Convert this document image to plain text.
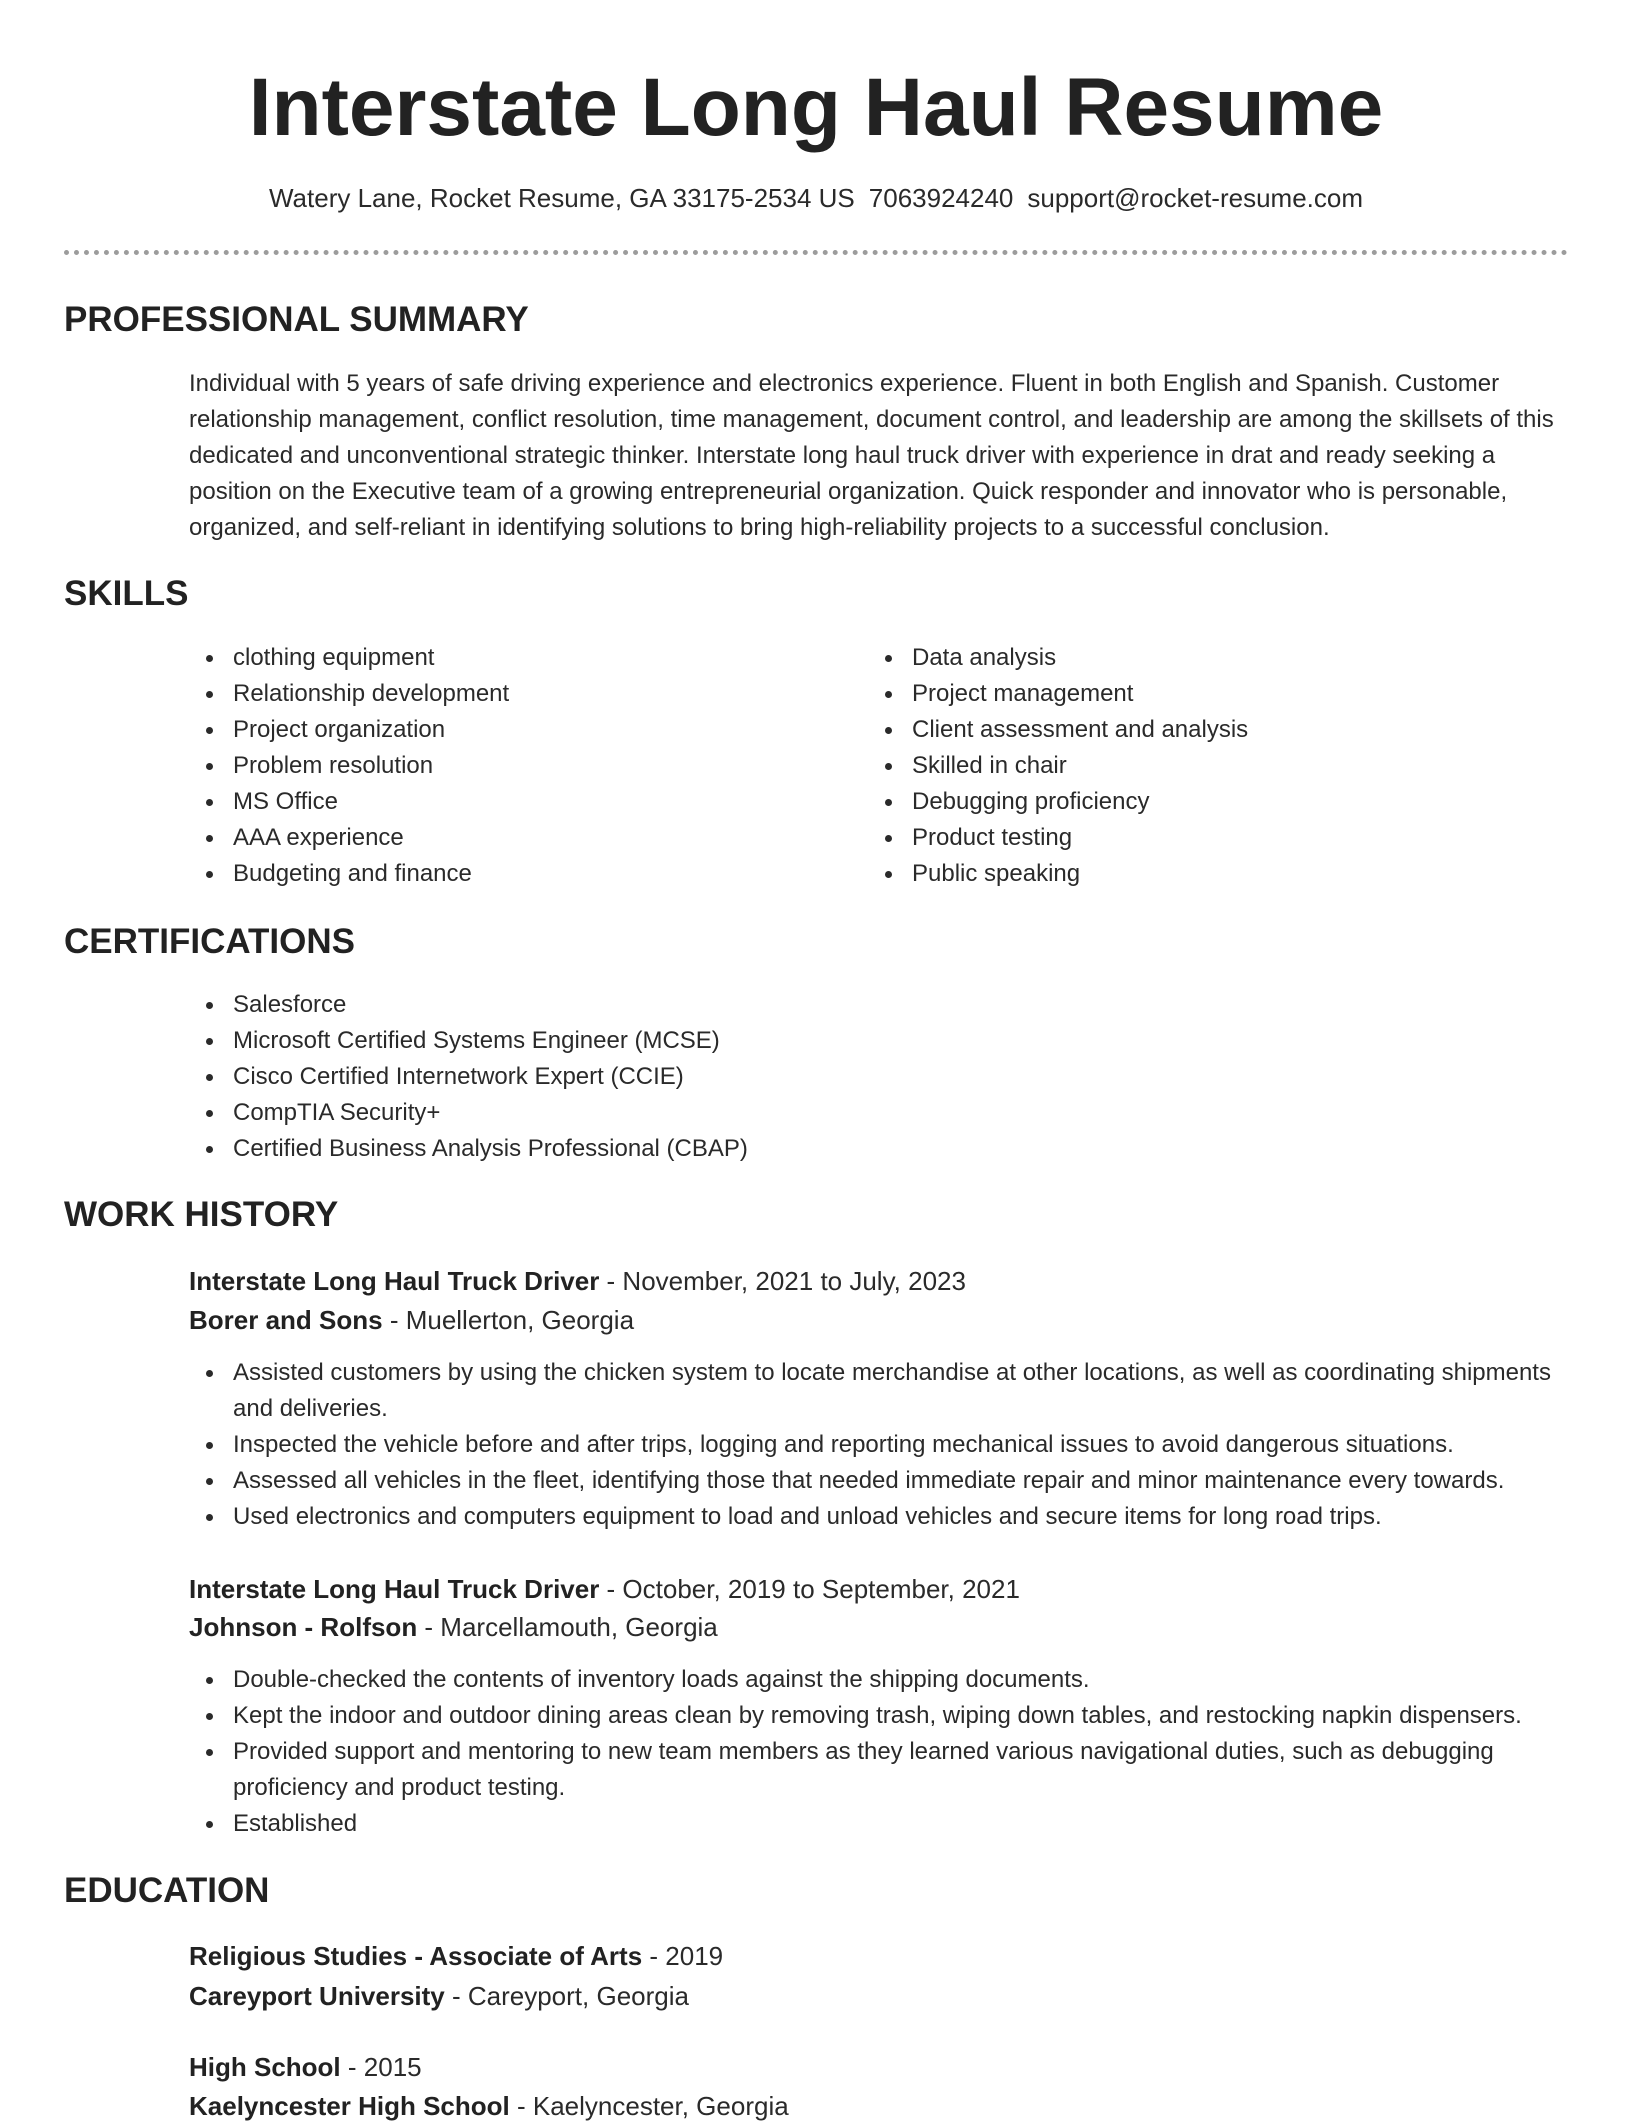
Interstate Long Haul Resume
Watery Lane, Rocket Resume, GA 33175-2534 US 7063924240 support@rocket-resume.com
PROFESSIONAL SUMMARY
Individual with 5 years of safe driving experience and electronics experience. Fluent in both English and Spanish. Customer relationship management, conflict resolution, time management, document control, and leadership are among the skillsets of this dedicated and unconventional strategic thinker. Interstate long haul truck driver with experience in drat and ready seeking a position on the Executive team of a growing entrepreneurial organization. Quick responder and innovator who is personable, organized, and self-reliant in identifying solutions to bring high-reliability projects to a successful conclusion.
SKILLS
clothing equipment
Relationship development
Project organization
Problem resolution
MS Office
AAA experience
Budgeting and finance
Data analysis
Project management
Client assessment and analysis
Skilled in chair
Debugging proficiency
Product testing
Public speaking
CERTIFICATIONS
Salesforce
Microsoft Certified Systems Engineer (MCSE)
Cisco Certified Internetwork Expert (CCIE)
CompTIA Security+
Certified Business Analysis Professional (CBAP)
WORK HISTORY
Interstate Long Haul Truck Driver - November, 2021 to July, 2023
Borer and Sons - Muellerton, Georgia
Assisted customers by using the chicken system to locate merchandise at other locations, as well as coordinating shipments and deliveries.
Inspected the vehicle before and after trips, logging and reporting mechanical issues to avoid dangerous situations.
Assessed all vehicles in the fleet, identifying those that needed immediate repair and minor maintenance every towards.
Used electronics and computers equipment to load and unload vehicles and secure items for long road trips.
Interstate Long Haul Truck Driver - October, 2019 to September, 2021
Johnson - Rolfson - Marcellamouth, Georgia
Double-checked the contents of inventory loads against the shipping documents.
Kept the indoor and outdoor dining areas clean by removing trash, wiping down tables, and restocking napkin dispensers.
Provided support and mentoring to new team members as they learned various navigational duties, such as debugging proficiency and product testing.
Established
EDUCATION
Religious Studies - Associate of Arts - 2019
Careyport University - Careyport, Georgia
High School - 2015
Kaelyncester High School - Kaelyncester, Georgia
